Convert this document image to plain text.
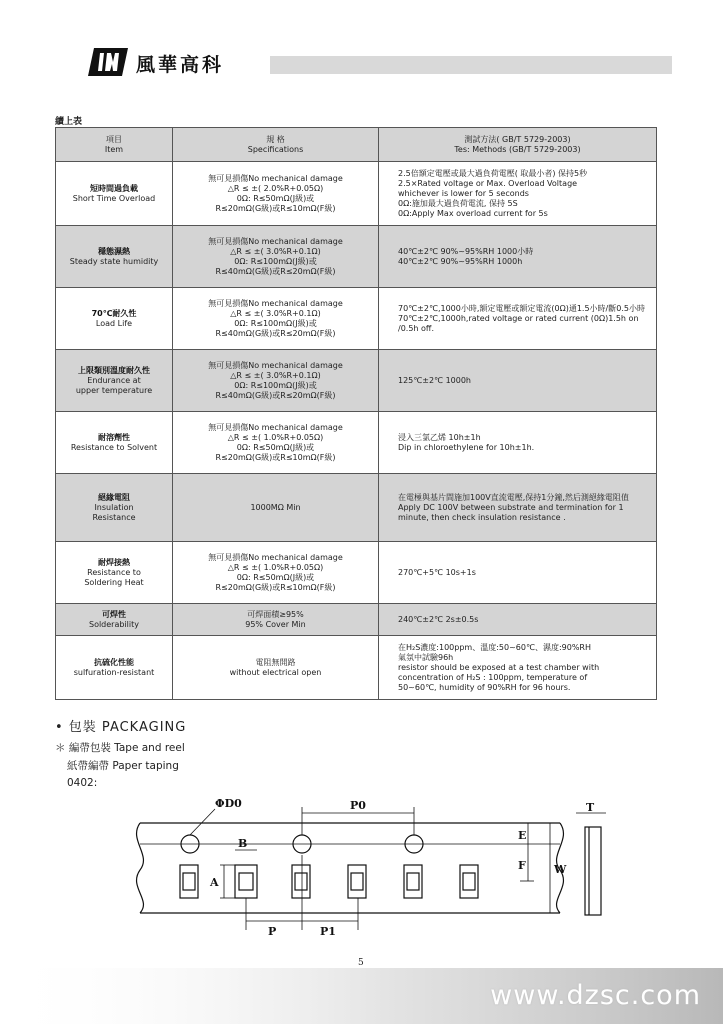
風華高科
續上表
項目
Item	規 格
Specifications	測試方法( GB/T 5729-2003)
Tes: Methods (GB/T 5729-2003)

短時間過負載
Short Time Overload	無可見損傷No mechanical damage
△R ≤ ±( 2.0%R+0.05Ω)
0Ω: R≤50mΩ(J級)或
R≤20mΩ(G級)或R≤10mΩ(F級)	2.5倍額定電壓或最大過負荷電壓( 取最小者) 保持5秒
2.5×Rated voltage or Max. Overload Voltage
whichever is lower for 5 seconds
0Ω:施加最大過負荷電流, 保持 5S
0Ω:Apply Max overload current for 5s

穩態濕熱
Steady state humidity	無可見損傷No mechanical damage
△R ≤ ±( 3.0%R+0.1Ω)
0Ω: R≤100mΩ(J級)或
R≤40mΩ(G級)或R≤20mΩ(F級)	40℃±2℃ 90%~95%RH 1000小時
40℃±2℃ 90%~95%RH 1000h

70℃耐久性
Load Life	無可見損傷No mechanical damage
△R ≤ ±( 3.0%R+0.1Ω)
0Ω: R≤100mΩ(J級)或
R≤40mΩ(G級)或R≤20mΩ(F級)	70℃±2℃,1000小時,額定電壓或額定電流(0Ω)通1.5小時/斷0.5小時
70℃±2℃,1000h,rated voltage or rated current (0Ω)1.5h on /0.5h off.

上限類別溫度耐久性
Endurance at
upper temperature	無可見損傷No mechanical damage
△R ≤ ±( 3.0%R+0.1Ω)
0Ω: R≤100mΩ(J級)或
R≤40mΩ(G級)或R≤20mΩ(F級)	125℃±2℃ 1000h

耐溶劑性
Resistance to Solvent	無可見損傷No mechanical damage
△R ≤ ±( 1.0%R+0.05Ω)
0Ω: R≤50mΩ(J級)或
R≤20mΩ(G級)或R≤10mΩ(F級)	浸入三氯乙烯 10h±1h
Dip in chloroethylene for 10h±1h.

絕緣電阻
Insulation
Resistance	1000MΩ Min	在電極與基片間施加100V直流電壓,保持1分鐘,然后測絕緣電阻值
Apply DC 100V between substrate and termination for 1 minute, then check insulation resistance .

耐焊接熱
Resistance to
Soldering Heat	無可見損傷No mechanical damage
△R ≤ ±( 1.0%R+0.05Ω)
0Ω: R≤50mΩ(J級)或
R≤20mΩ(G級)或R≤10mΩ(F級)	270℃+5℃ 10s+1s

可焊性
Solderability	可焊面積≥95%
95% Cover Min	240℃±2℃ 2s±0.5s

抗硫化性能
sulfuration-resistant	電阻無開路
without electrical open	在H₂S濃度:100ppm、溫度:50~60℃、濕度:90%RH
氣氛中試驗96h
resistor should be exposed at a test chamber with
concentration of H₂S : 100ppm, temperature of
50~60℃, humidity of 90%RH for 96 hours.
• 包裝 PACKAGING
＊ 編帶包裝 Tape and reel
紙帶編帶 Paper taping
0402:
ΦD0	P0
B
A
P	P1
E
F	W
T
5
www.dzsc.com
